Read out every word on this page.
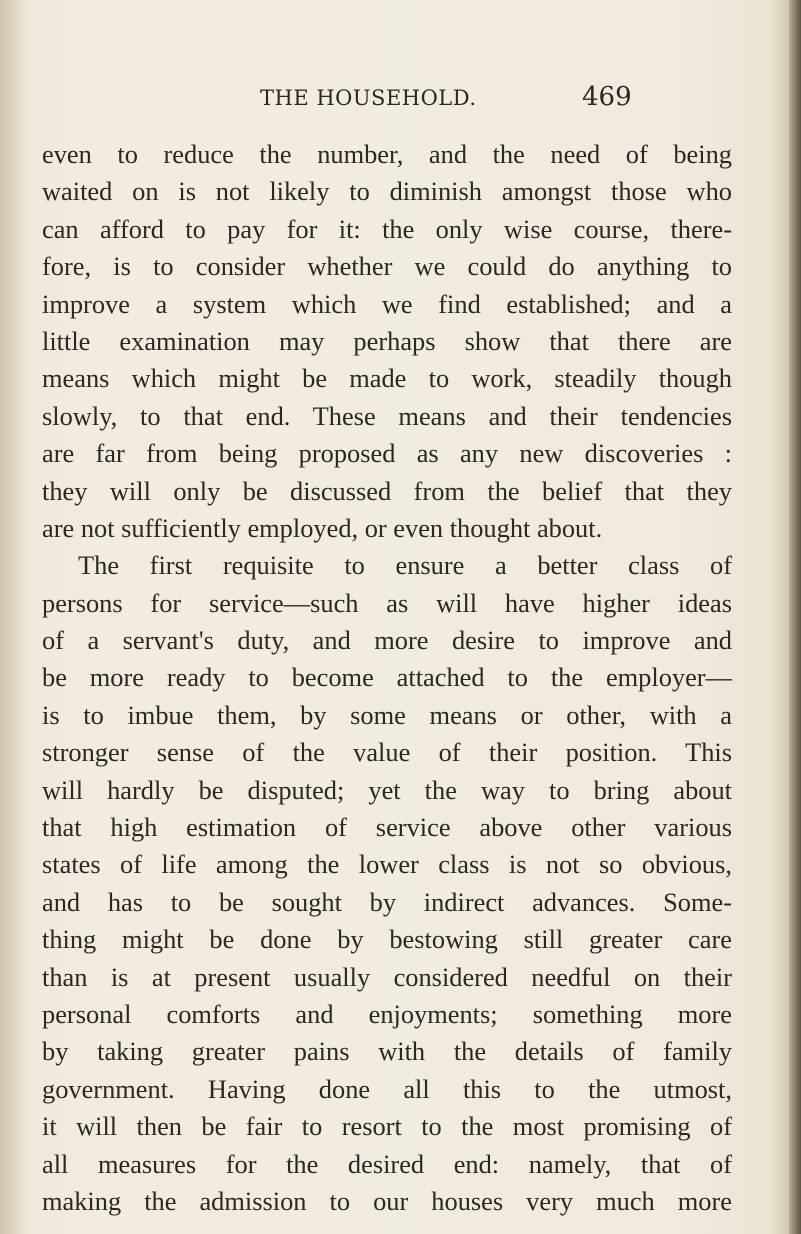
THE HOUSEHOLD.	469
even to reduce the number, and the need of being
waited on is not likely to diminish amongst those who
can afford to pay for it: the only wise course, there-
fore, is to consider whether we could do anything to
improve a system which we find established; and a
little examination may perhaps show that there are
means which might be made to work, steadily though
slowly, to that end. These means and their tendencies
are far from being proposed as any new discoveries :
they will only be discussed from the belief that they
are not sufficiently employed, or even thought about.
The first requisite to ensure a better class of
persons for service—such as will have higher ideas
of a servant's duty, and more desire to improve and
be more ready to become attached to the employer—
is to imbue them, by some means or other, with a
stronger sense of the value of their position. This
will hardly be disputed; yet the way to bring about
that high estimation of service above other various
states of life among the lower class is not so obvious,
and has to be sought by indirect advances. Some-
thing might be done by bestowing still greater care
than is at present usually considered needful on their
personal comforts and enjoyments; something more
by taking greater pains with the details of family
government. Having done all this to the utmost,
it will then be fair to resort to the most promising of
all measures for the desired end: namely, that of
making the admission to our houses very much more
